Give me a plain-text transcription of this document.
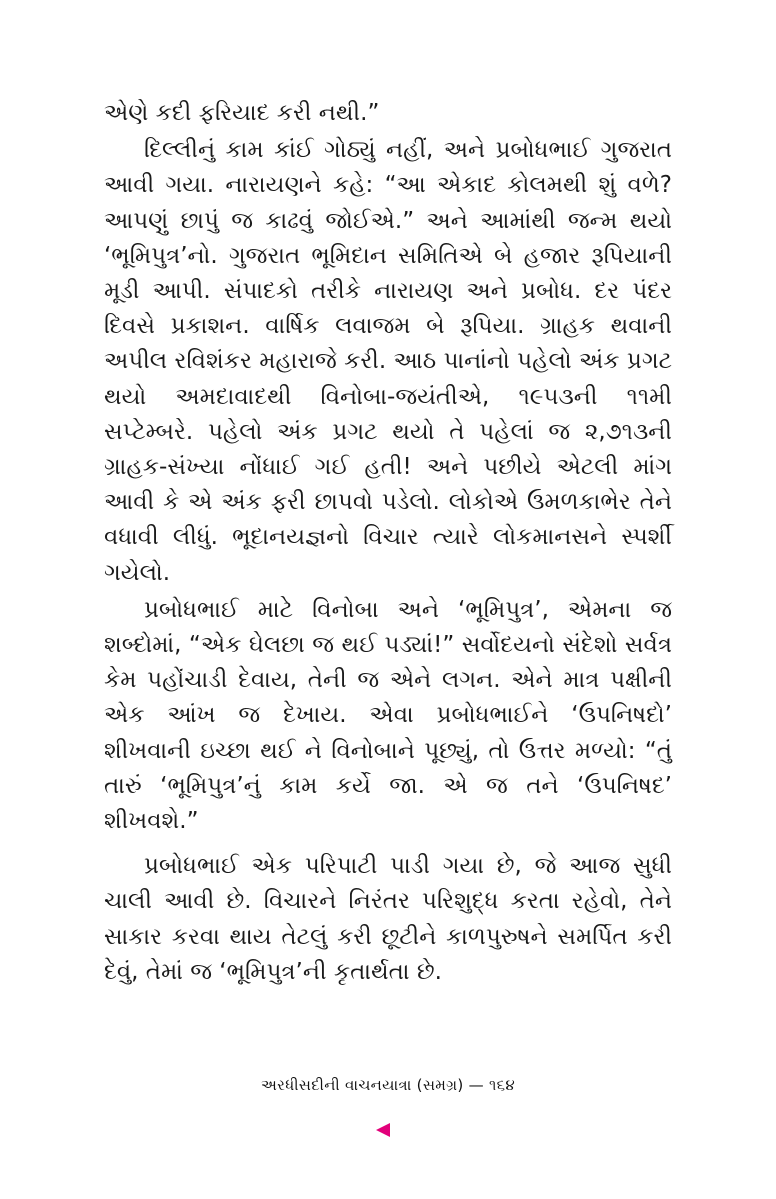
એણે કદી ફરિયાદ કરી નથી.”

દિલ્લીનું કામ કાંઈ ગોઠ્યું નહીં, અને પ્રબોધભાઈ ગુજરાત આવી ગયા. નારાયણને કહે: “આ એકાદ કોલમથી શું વળે? આપણું છાપું જ કાઢવું જોઈએ.” અને આમાંથી જન્મ થયો ‘ભૂમિપુત્ર’નો. ગુજરાત ભૂમિદાન સમિતિએ બે હજાર રૂપિયાની મૂડી આપી. સંપાદકો તરીકે નારાયણ અને પ્રબોધ. દર પંદર દિવસે પ્રકાશન. વાર્ષિક લવાજમ બે રૂપિયા. ગ્રાહક થવાની અપીલ રવિશંકર મહારાજે કરી. આઠ પાનાંનો પહેલો અંક પ્રગટ થયો અમદાવાદથી વિનોબા-જયંતીએ, ૧૯૫૩ની ૧૧મી સપ્ટેમ્બરે. પહેલો અંક પ્રગટ થયો તે પહેલાં જ ૨,૭૧૩ની ગ્રાહક-સંખ્યા નોંધાઈ ગઈ હતી! અને પછીયે એટલી માંગ આવી કે એ અંક ફરી છાપવો પડેલો. લોકોએ ઉમળકાભેર તેને વધાવી લીધું. ભૂદાનયજ્ઞનો વિચાર ત્યારે લોકમાનસને સ્પર્શી ગયેલો.

પ્રબોધભાઈ માટે વિનોબા અને ‘ભૂમિપુત્ર’, એમના જ શબ્દોમાં, “એક ઘેલછા જ થઈ પડ્યાં!” સર્વોદયનો સંદેશો સર્વત્ર કેમ પહોંચાડી દેવાય, તેની જ એને લગન. એને માત્ર પક્ષીની એક આંખ જ દેખાય. એવા પ્રબોધભાઈને ‘ઉપનિષદો’ શીખવાની ઇચ્છા થઈ ને વિનોબાને પૂછ્યું, તો ઉત્તર મળ્યો: “તું તારું ‘ભૂમિપુત્ર’નું કામ કર્યે જા. એ જ તને ‘ઉપનિષદ’ શીખવશે.”

પ્રબોધભાઈ એક પરિપાટી પાડી ગયા છે, જે આજ સુધી ચાલી આવી છે. વિચારને નિરંતર પરિશુદ્ધ કરતા રહેવો, તેને સાકાર કરવા થાય તેટલું કરી છૂટીને કાળપુરુષને સમર્પિત કરી દેવું, તેમાં જ ‘ભૂમિપુત્ર’ની કૃતાર્થતા છે.

અરધીસદીની વાચનયાત્રા (સમગ્ર) — ૧૬૪
